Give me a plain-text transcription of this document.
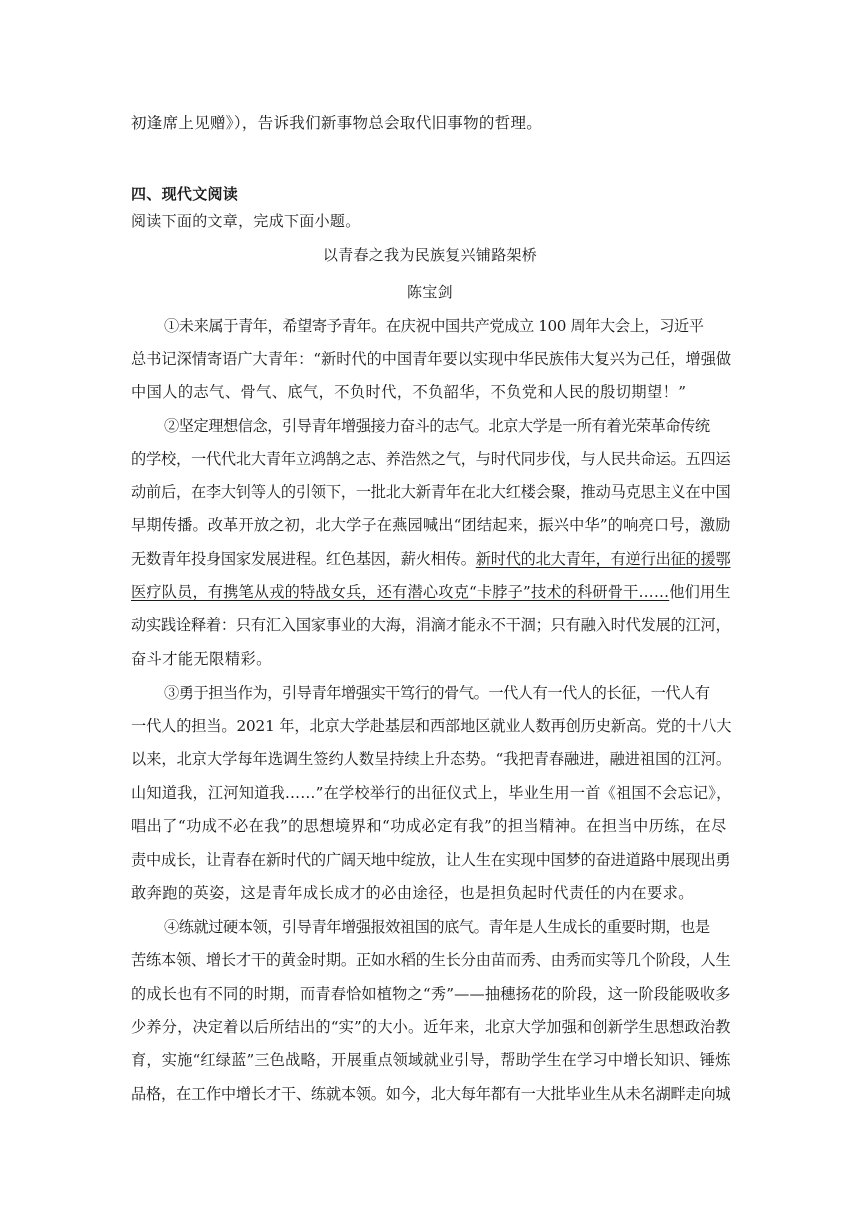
初逢席上见赠》），告诉我们新事物总会取代旧事物的哲理。
四、现代文阅读
阅读下面的文章，完成下面小题。
以青春之我为民族复兴铺路架桥
陈宝剑
①未来属于青年，希望寄予青年。在庆祝中国共产党成立 100 周年大会上，习近平
总书记深情寄语广大青年：“新时代的中国青年要以实现中华民族伟大复兴为己任，增强做
中国人的志气、骨气、底气，不负时代，不负韶华，不负党和人民的殷切期望！”
②坚定理想信念，引导青年增强接力奋斗的志气。北京大学是一所有着光荣革命传统
的学校，一代代北大青年立鸿鹄之志、养浩然之气，与时代同步伐，与人民共命运。五四运
动前后，在李大钊等人的引领下，一批北大新青年在北大红楼会聚，推动马克思主义在中国
早期传播。改革开放之初，北大学子在燕园喊出“团结起来，振兴中华”的响亮口号，激励
无数青年投身国家发展进程。红色基因，薪火相传。新时代的北大青年，有逆行出征的援鄂
医疗队员，有携笔从戎的特战女兵，还有潜心攻克“卡脖子”技术的科研骨干……他们用生
动实践诠释着：只有汇入国家事业的大海，涓滴才能永不干涸；只有融入时代发展的江河，
奋斗才能无限精彩。
③勇于担当作为，引导青年增强实干笃行的骨气。一代人有一代人的长征，一代人有
一代人的担当。2021 年，北京大学赴基层和西部地区就业人数再创历史新高。党的十八大
以来，北京大学每年选调生签约人数呈持续上升态势。“我把青春融进，融进祖国的江河。
山知道我，江河知道我……”在学校举行的出征仪式上，毕业生用一首《祖国不会忘记》，
唱出了“功成不必在我”的思想境界和“功成必定有我”的担当精神。在担当中历练，在尽
责中成长，让青春在新时代的广阔天地中绽放，让人生在实现中国梦的奋进道路中展现出勇
敢奔跑的英姿，这是青年成长成才的必由途径，也是担负起时代责任的内在要求。
④练就过硬本领，引导青年增强报效祖国的底气。青年是人生成长的重要时期，也是
苦练本领、增长才干的黄金时期。正如水稻的生长分由苗而秀、由秀而实等几个阶段，人生
的成长也有不同的时期，而青春恰如植物之“秀”——抽穗扬花的阶段，这一阶段能吸收多
少养分，决定着以后所结出的“实”的大小。近年来，北京大学加强和创新学生思想政治教
育，实施“红绿蓝”三色战略，开展重点领域就业引导，帮助学生在学习中增长知识、锤炼
品格，在工作中增长才干、练就本领。如今，北大每年都有一大批毕业生从未名湖畔走向城
